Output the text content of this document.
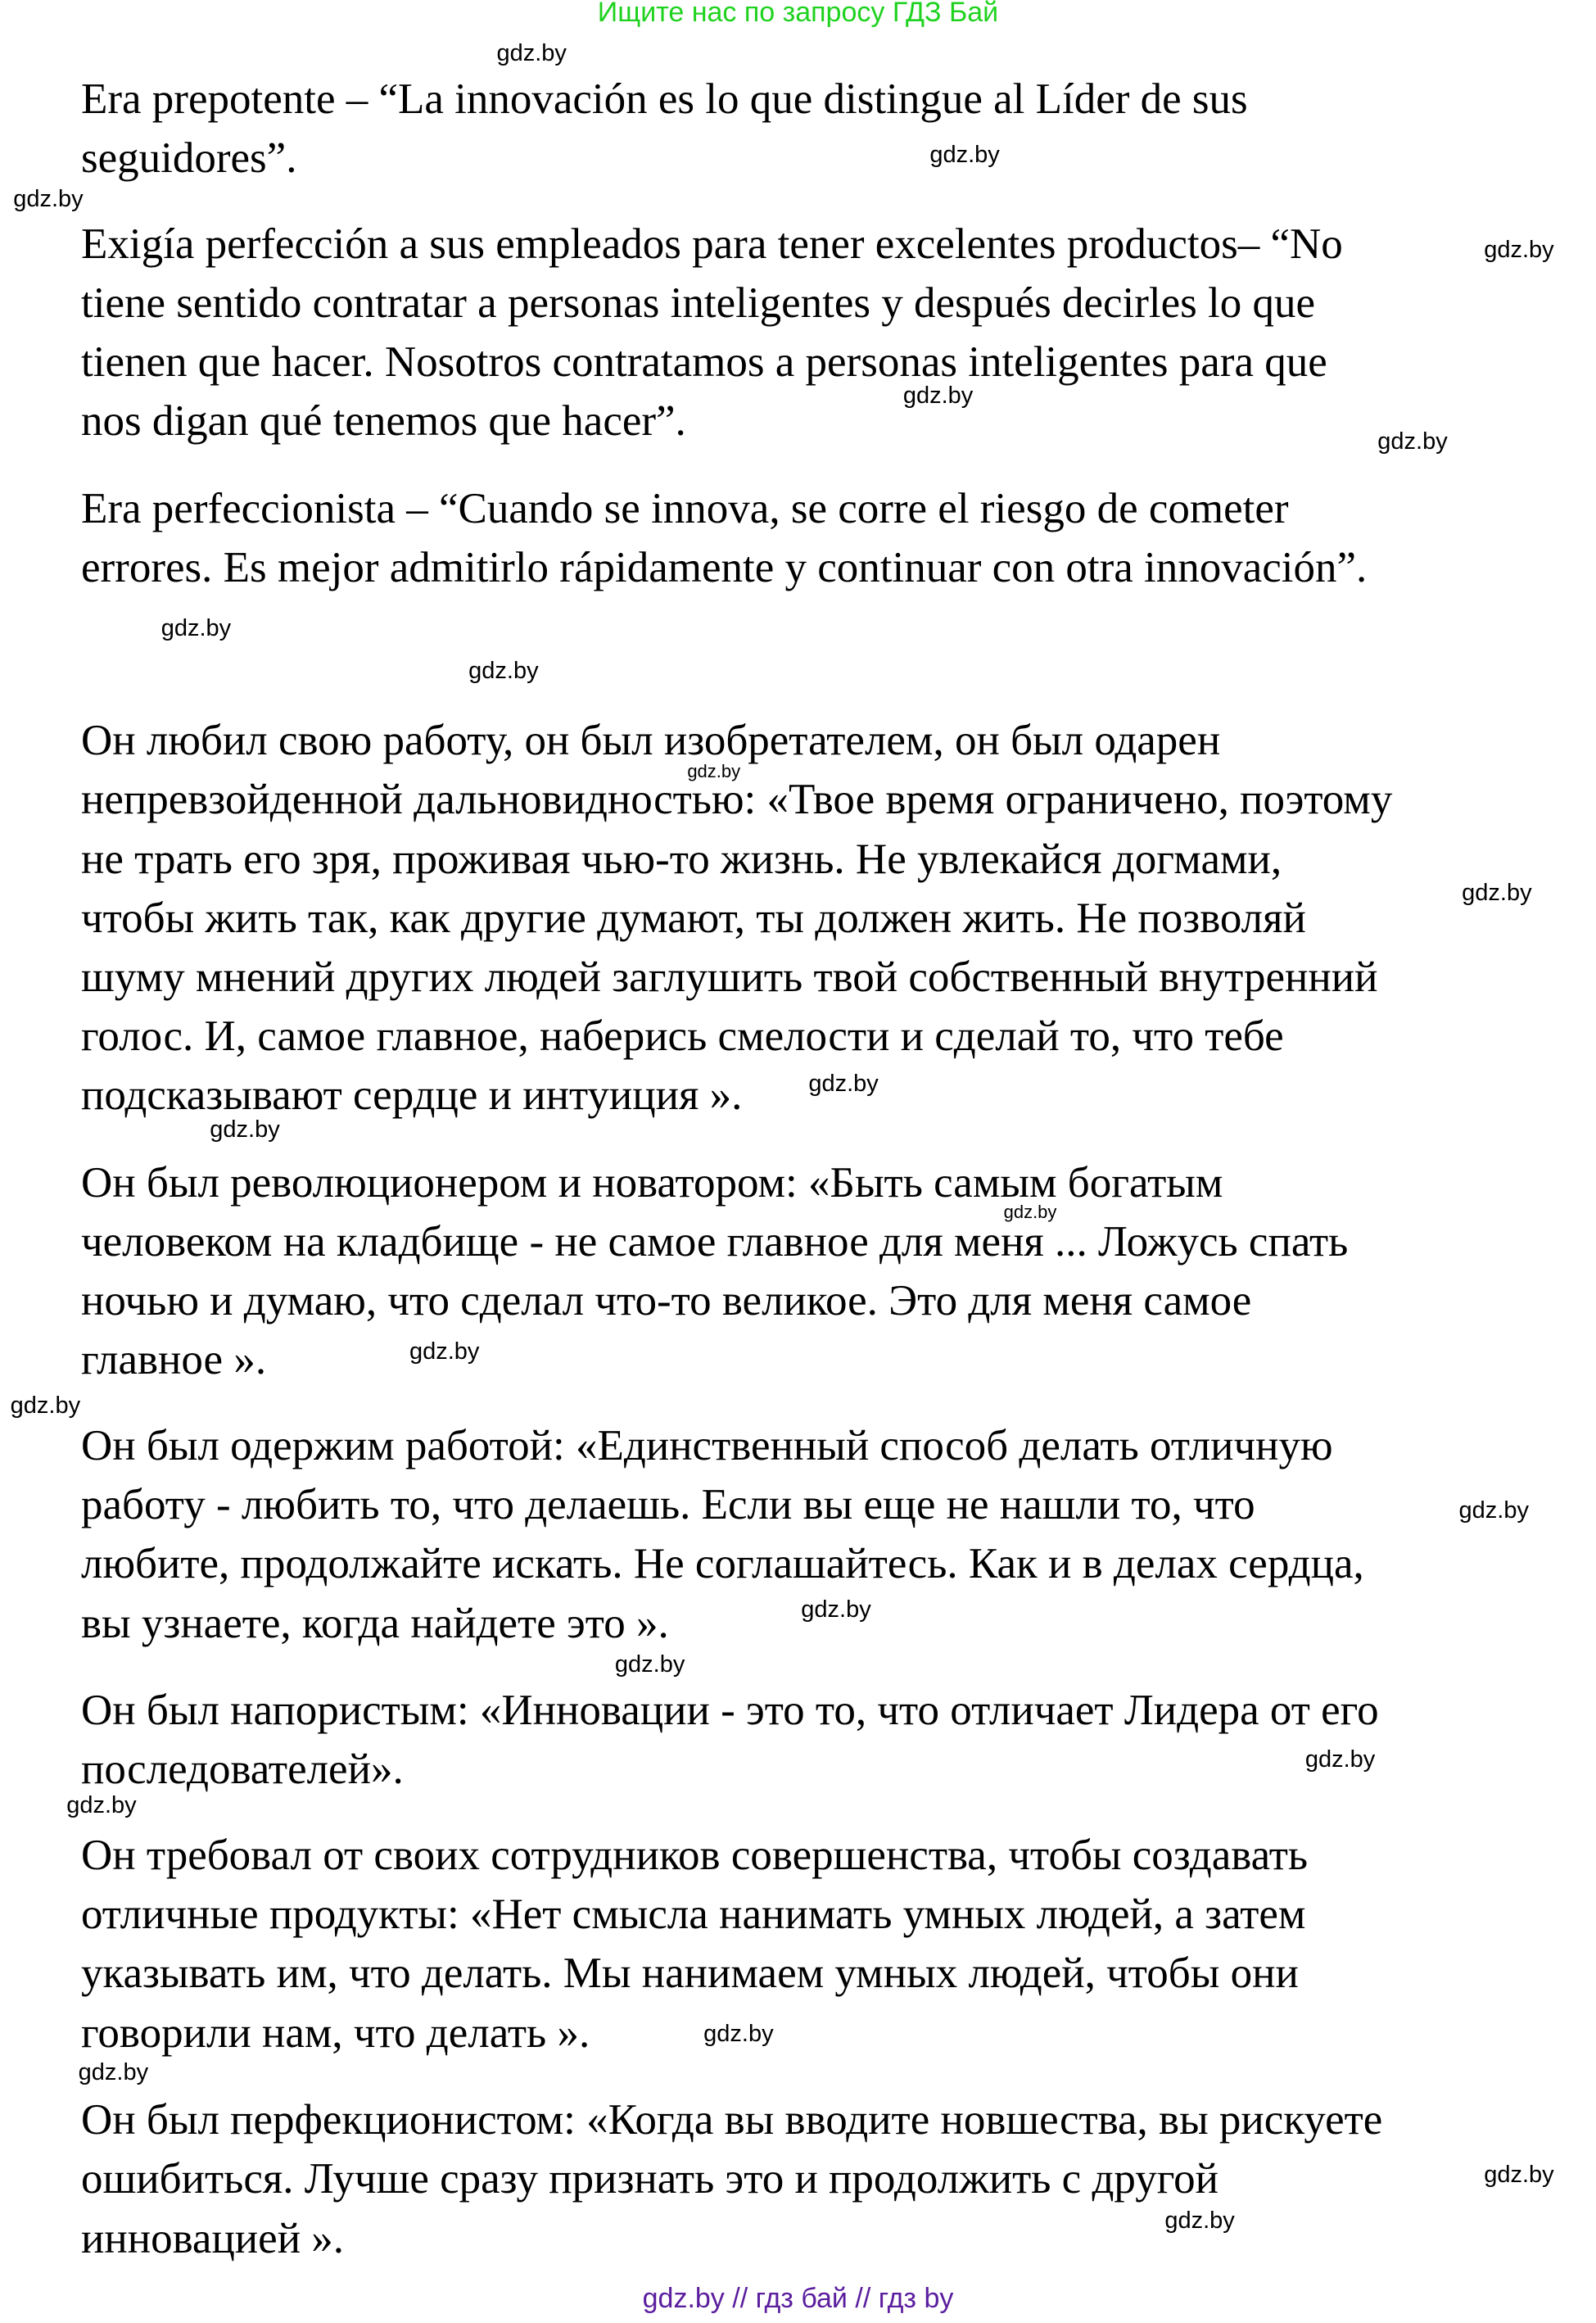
Ищите нас по запросу ГДЗ Бай
Era prepotente – “La innovación es lo que distingue al Líder de sus
seguidores”.
Exigía perfección a sus empleados para tener excelentes productos– “No
tiene sentido contratar a personas inteligentes y después decirles lo que
tienen que hacer. Nosotros contratamos a personas inteligentes para que
nos digan qué tenemos que hacer”.
Era perfeccionista – “Cuando se innova, se corre el riesgo de cometer
errores. Es mejor admitirlo rápidamente y continuar con otra innovación”.
Он любил свою работу, он был изобретателем, он был одарен
непревзойденной дальновидностью: «Твое время ограничено, поэтому
не трать его зря, проживая чью-то жизнь. Не увлекайся догмами,
чтобы жить так, как другие думают, ты должен жить. Не позволяй
шуму мнений других людей заглушить твой собственный внутренний
голос. И, самое главное, наберись смелости и сделай то, что тебе
подсказывают сердце и интуиция ».
Он был революционером и новатором: «Быть самым богатым
человеком на кладбище - не самое главное для меня ... Ложусь спать
ночью и думаю, что сделал что-то великое. Это для меня самое
главное ».
Он был одержим работой: «Единственный способ делать отличную
работу - любить то, что делаешь. Если вы еще не нашли то, что
любите, продолжайте искать. Не соглашайтесь. Как и в делах сердца,
вы узнаете, когда найдете это ».
Он был напористым: «Инновации - это то, что отличает Лидера от его
последователей».
Он требовал от своих сотрудников совершенства, чтобы создавать
отличные продукты: «Нет смысла нанимать умных людей, а затем
указывать им, что делать. Мы нанимаем умных людей, чтобы они
говорили нам, что делать ».
Он был перфекционистом: «Когда вы вводите новшества, вы рискуете
ошибиться. Лучше сразу признать это и продолжить с другой
инновацией ».
gdz.by
gdz.by
gdz.by
gdz.by
gdz.by
gdz.by
gdz.by
gdz.by
gdz.by
gdz.by
gdz.by
gdz.by
gdz.by
gdz.by
gdz.by
gdz.by
gdz.by
gdz.by
gdz.by
gdz.by
gdz.by
gdz.by
gdz.by
gdz.by
gdz.by // гдз бай // гдз by
